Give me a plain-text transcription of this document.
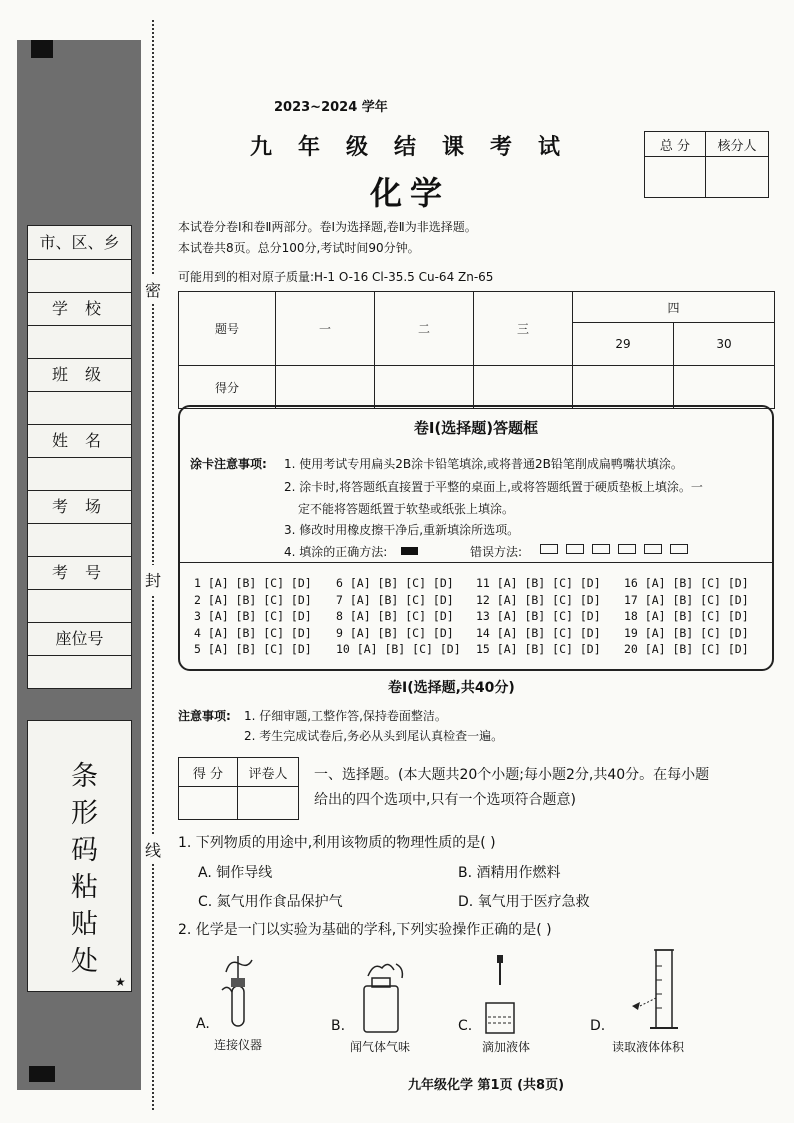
市、区、乡
学 校
班 级
姓 名
考 场
考 号
座位号
条形码粘贴处	★
密
封
线
2023~2024 学年
九年级结课考试
化学
总 分	核分人

本试卷分卷Ⅰ和卷Ⅱ两部分。卷Ⅰ为选择题,卷Ⅱ为非选择题。
本试卷共8页。总分100分,考试时间90分钟。
可能用到的相对原子质量:H-1 O-16 Cl-35.5 Cu-64 Zn-65
题号	一	二	三	四	
				29	30
得分					
卷Ⅰ(选择题)答题框
涂卡注意事项: 1. 使用考试专用扁头2B涂卡铅笔填涂,或将普通2B铅笔削成扁鸭嘴状填涂。
2. 涂卡时,将答题纸直接置于平整的桌面上,或将答题纸置于硬质垫板上填涂。一
定不能将答题纸置于软垫或纸张上填涂。
3. 修改时用橡皮擦干净后,重新填涂所选项。
4. 填涂的正确方法:	错误方法:
1 [A] [B] [C] [D]
2 [A] [B] [C] [D]
3 [A] [B] [C] [D]
4 [A] [B] [C] [D]
5 [A] [B] [C] [D]
6 [A] [B] [C] [D]
7 [A] [B] [C] [D]
8 [A] [B] [C] [D]
9 [A] [B] [C] [D]
10 [A] [B] [C] [D]
11 [A] [B] [C] [D]
12 [A] [B] [C] [D]
13 [A] [B] [C] [D]
14 [A] [B] [C] [D]
15 [A] [B] [C] [D]
16 [A] [B] [C] [D]
17 [A] [B] [C] [D]
18 [A] [B] [C] [D]
19 [A] [B] [C] [D]
20 [A] [B] [C] [D]
卷Ⅰ(选择题,共40分)
注意事项: 1. 仔细审题,工整作答,保持卷面整洁。
2. 考生完成试卷后,务必从头到尾认真检查一遍。
得 分	评卷人
	一、选择题。(本大题共20个小题;每小题2分,共40分。在每小题
给出的四个选项中,只有一个选项符合题意)
1. 下列物质的用途中,利用该物质的物理性质的是( )
A. 铜作导线	B. 酒精用作燃料
C. 氮气用作食品保护气	D. 氧气用于医疗急救
2. 化学是一门以实验为基础的学科,下列实验操作正确的是( )
A.
连接仪器
B.
闻气体气味
C.
滴加液体
D.
读取液体体积
九年级化学 第1页 (共8页)
